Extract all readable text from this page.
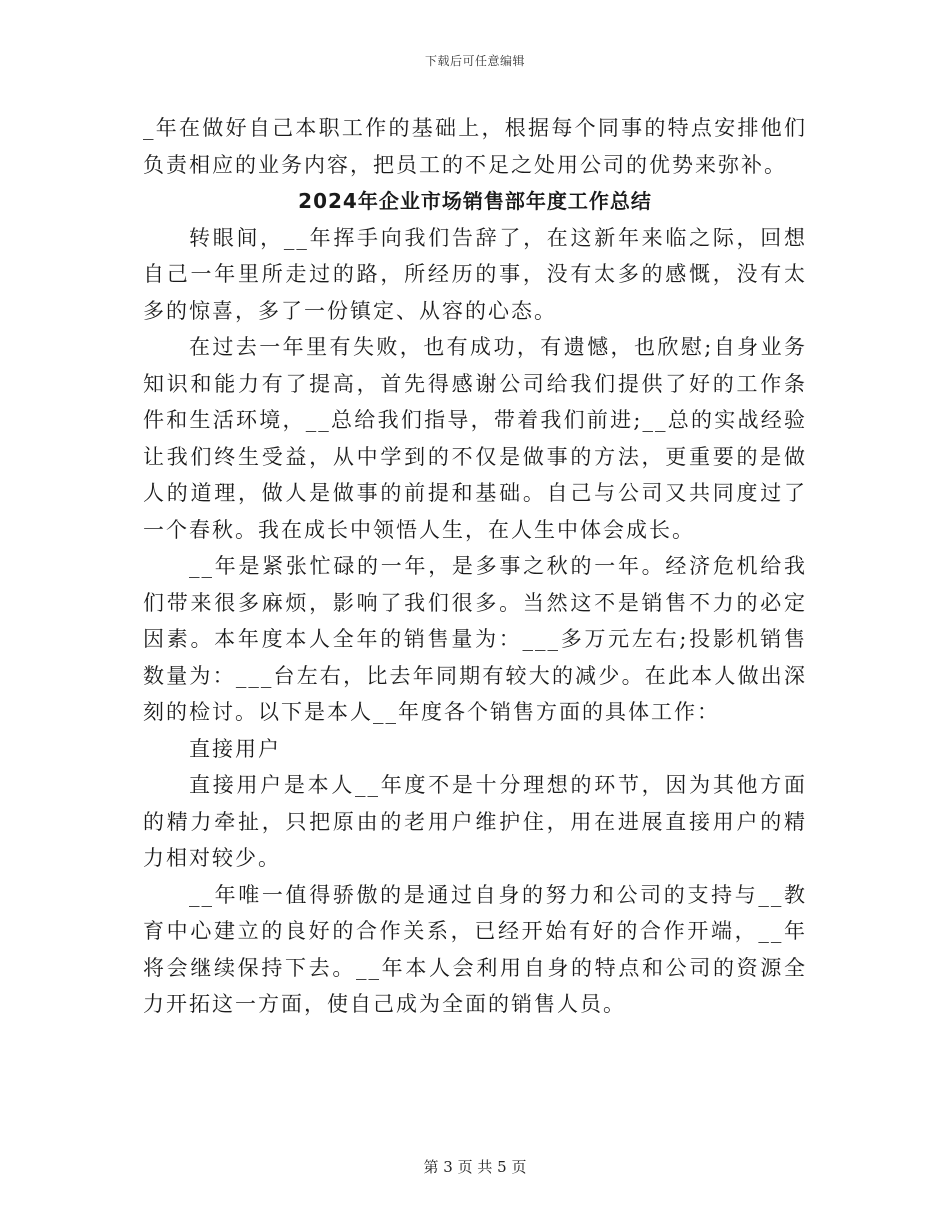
下载后可任意编辑

_年在做好自己本职工作的基础上，根据每个同事的特点安排他们负责相应的业务内容，把员工的不足之处用公司的优势来弥补。

2024年企业市场销售部年度工作总结

转眼间，__年挥手向我们告辞了，在这新年来临之际，回想自己一年里所走过的路，所经历的事，没有太多的感慨，没有太多的惊喜，多了一份镇定、从容的心态。

在过去一年里有失败，也有成功，有遗憾，也欣慰;自身业务知识和能力有了提高，首先得感谢公司给我们提供了好的工作条件和生活环境，__总给我们指导，带着我们前进;__总的实战经验让我们终生受益，从中学到的不仅是做事的方法，更重要的是做人的道理，做人是做事的前提和基础。自己与公司又共同度过了一个春秋。我在成长中领悟人生，在人生中体会成长。

__年是紧张忙碌的一年，是多事之秋的一年。经济危机给我们带来很多麻烦，影响了我们很多。当然这不是销售不力的必定因素。本年度本人全年的销售量为：___多万元左右;投影机销售数量为：___台左右，比去年同期有较大的减少。在此本人做出深刻的检讨。以下是本人__年度各个销售方面的具体工作：

直接用户

直接用户是本人__年度不是十分理想的环节，因为其他方面的精力牵扯，只把原由的老用户维护住，用在进展直接用户的精力相对较少。

__年唯一值得骄傲的是通过自身的努力和公司的支持与__教育中心建立的良好的合作关系，已经开始有好的合作开端，__年将会继续保持下去。__年本人会利用自身的特点和公司的资源全力开拓这一方面，使自己成为全面的销售人员。

第 3 页 共 5 页
